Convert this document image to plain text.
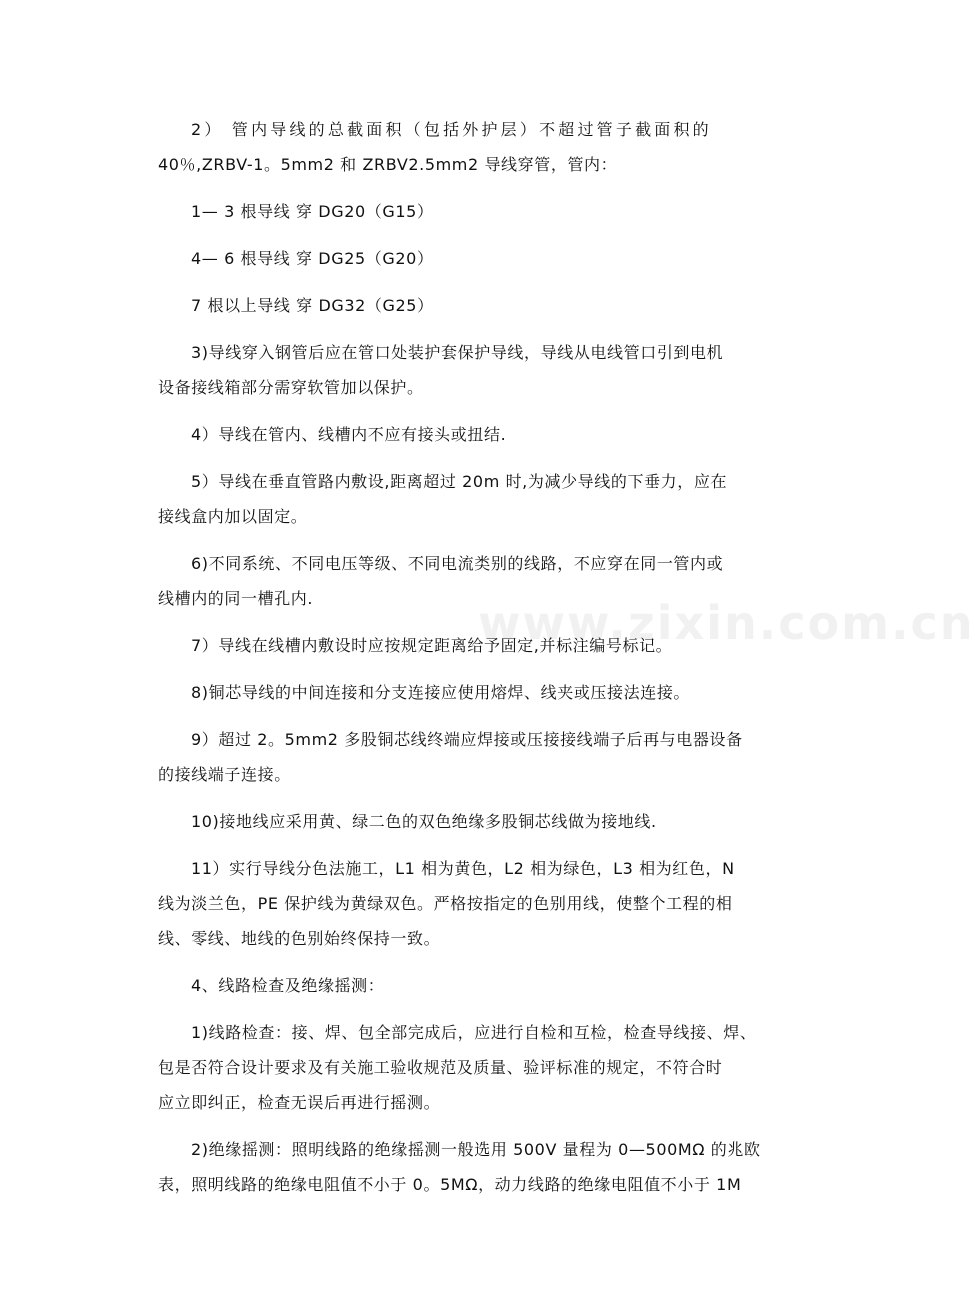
www.zixin.com.cn
2） 管内导线的总截面积（包括外护层）不超过管子截面积的
40％,ZRBV-1。5mm2 和 ZRBV2.5mm2 导线穿管，管内：
1— 3 根导线 穿 DG20（G15）
4— 6 根导线 穿 DG25（G20）
7 根以上导线 穿 DG32（G25）
3)导线穿入钢管后应在管口处装护套保护导线，导线从电线管口引到电机
设备接线箱部分需穿软管加以保护。
4）导线在管内、线槽内不应有接头或扭结.
5）导线在垂直管路内敷设,距离超过 20m 时,为减少导线的下垂力，应在
接线盒内加以固定。
6)不同系统、不同电压等级、不同电流类别的线路，不应穿在同一管内或
线槽内的同一槽孔内.
7）导线在线槽内敷设时应按规定距离给予固定,并标注编号标记。
8)铜芯导线的中间连接和分支连接应使用熔焊、线夹或压接法连接。
9）超过 2。5mm2 多股铜芯线终端应焊接或压接接线端子后再与电器设备
的接线端子连接。
10)接地线应采用黄、绿二色的双色绝缘多股铜芯线做为接地线.
11）实行导线分色法施工，L1 相为黄色，L2 相为绿色，L3 相为红色，N
线为淡兰色，PE 保护线为黄绿双色。严格按指定的色别用线，使整个工程的相
线、零线、地线的色别始终保持一致。
4、线路检查及绝缘摇测：
1)线路检查：接、焊、包全部完成后，应进行自检和互检，检查导线接、焊、
包是否符合设计要求及有关施工验收规范及质量、验评标准的规定，不符合时
应立即纠正，检查无误后再进行摇测。
2)绝缘摇测：照明线路的绝缘摇测一般选用 500V 量程为 0—500MΩ 的兆欧
表，照明线路的绝缘电阻值不小于 0。5MΩ，动力线路的绝缘电阻值不小于 1M
